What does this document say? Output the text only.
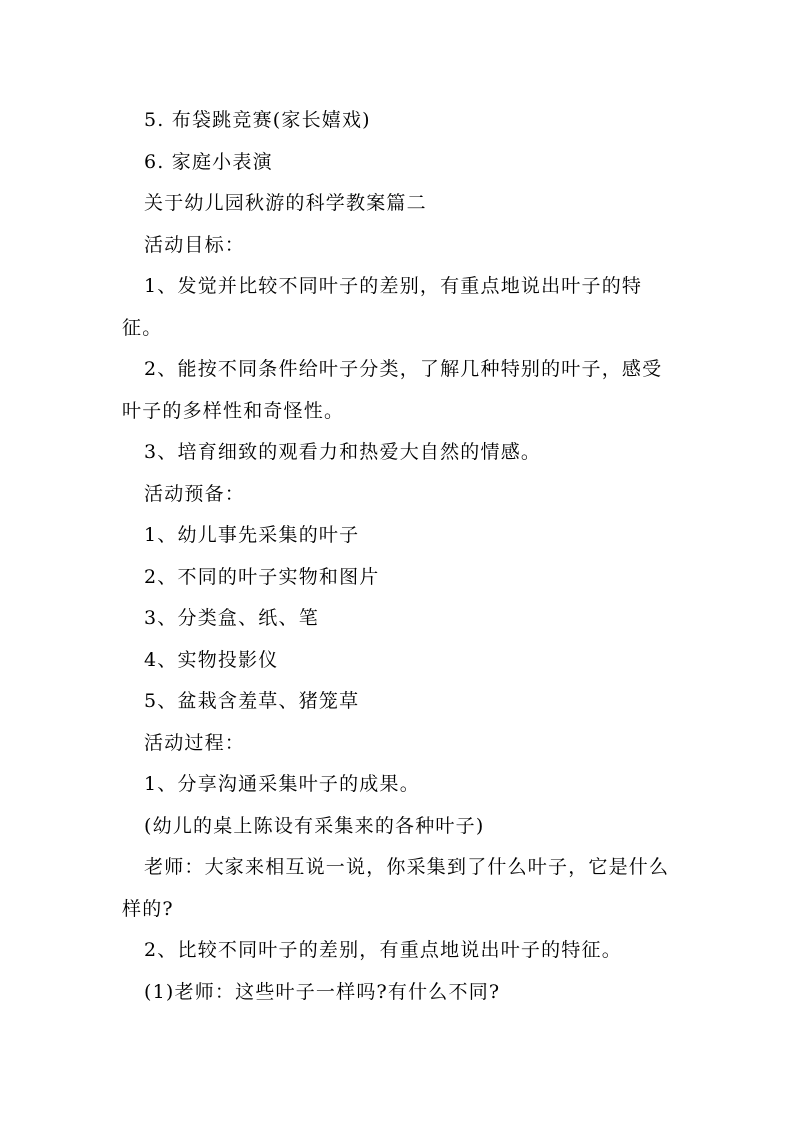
5. 布袋跳竞赛(家长嬉戏)

6. 家庭小表演

关于幼儿园秋游的科学教案篇二

活动目标：

1、发觉并比较不同叶子的差别，有重点地说出叶子的特征。

2、能按不同条件给叶子分类，了解几种特别的叶子，感受叶子的多样性和奇怪性。

3、培育细致的观看力和热爱大自然的情感。

活动预备：

1、幼儿事先采集的叶子

2、不同的叶子实物和图片

3、分类盒、纸、笔

4、实物投影仪

5、盆栽含羞草、猪笼草

活动过程：

1、分享沟通采集叶子的成果。

(幼儿的桌上陈设有采集来的各种叶子)

老师：大家来相互说一说，你采集到了什么叶子，它是什么样的?

2、比较不同叶子的差别，有重点地说出叶子的特征。

(1)老师：这些叶子一样吗?有什么不同?
